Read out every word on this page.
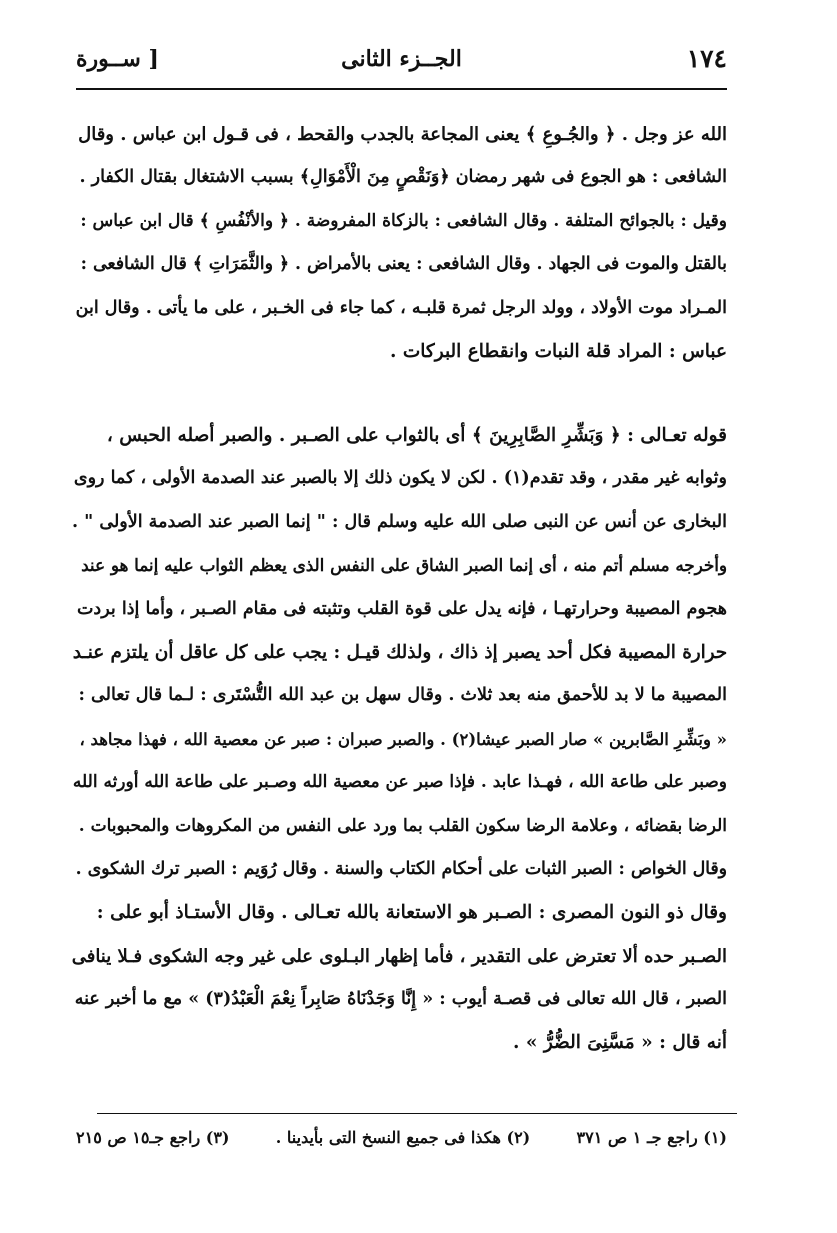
١٧٤
الجــزء الثانى
[ ســورة
الله عز وجل . ﴿ والجُـوعِ ﴾ يعنى المجاعة بالجدب والقحط ، فى قـول ابن عباس . وقال
الشافعى : هو الجوع فى شهر رمضان ﴿وَنَقْصٍ مِنَ الْأَمْوَالِ﴾ بسبب الاشتغال بقتال الكفار .
وقيل : بالجوائح المتلفة . وقال الشافعى : بالزكاة المفروضة . ﴿ والأنْفُسِ ﴾ قال ابن عباس :
بالقتل والموت فى الجهاد . وقال الشافعى : يعنى بالأمراض . ﴿ والثَّمَرَاتِ ﴾ قال الشافعى :
المـراد موت الأولاد ، وولد الرجل ثمرة قلبـه ، كما جاء فى الخـبر ، على ما يأتى . وقال ابن
عباس : المراد قلة النبات وانقطاع البركات .
قوله تعـالى : ﴿ وَبَشِّرِ الصَّابِرِينَ ﴾ أى بالثواب على الصـبر . والصبر أصله الحبس ،
وثوابه غير مقدر ، وقد تقدم(١) . لكن لا يكون ذلك إلا بالصبر عند الصدمة الأولى ، كما روى
البخارى عن أنس عن النبى صلى الله عليه وسلم قال : " إنما الصبر عند الصدمة الأولى " .
وأخرجه مسلم أتم منه ، أى إنما الصبر الشاق على النفس الذى يعظم الثواب عليه إنما هو عند
هجوم المصيبة وحرارتهـا ، فإنه يدل على قوة القلب وتثبته فى مقام الصـبر ، وأما إذا بردت
حرارة المصيبة فكل أحد يصبر إذ ذاك ، ولذلك قيـل : يجب على كل عاقل أن يلتزم عنـد
المصيبة ما لا بد للأحمق منه بعد ثلاث . وقال سهل بن عبد الله التُّسْتَرى : لـما قال تعالى :
« وبَشِّرِ الصَّابرين » صار الصبر عيشا(٢) . والصبر صبران : صبر عن معصية الله ، فهذا مجاهد ،
وصبر على طاعة الله ، فهـذا عابد . فإذا صبر عن معصية الله وصـبر على طاعة الله أورثه الله
الرضا بقضائه ، وعلامة الرضا سكون القلب بما ورد على النفس من المكروهات والمحبوبات .
وقال الخواص : الصبر الثبات على أحكام الكتاب والسنة . وقال رُوَيم : الصبر ترك الشكوى .
وقال ذو النون المصرى : الصـبر هو الاستعانة بالله تعـالى . وقال الأستـاذ أبو على :
الصـبر حده ألا تعترض على التقدير ، فأما إظهار البـلوى على غير وجه الشكوى فـلا ينافى
الصبر ، قال الله تعالى فى قصـة أيوب : « إِنَّا وَجَدْنَاهُ صَابِراً نِعْمَ الْعَبْدُ(٣) » مع ما أخبر عنه
أنه قال : « مَسَّنِىَ الضُّرُّ » .
(١) راجع جـ ١ ص ٣٧١
(٢) هكذا فى جميع النسخ التى بأيدينا .
(٣) راجع جـ١٥ ص ٢١٥
